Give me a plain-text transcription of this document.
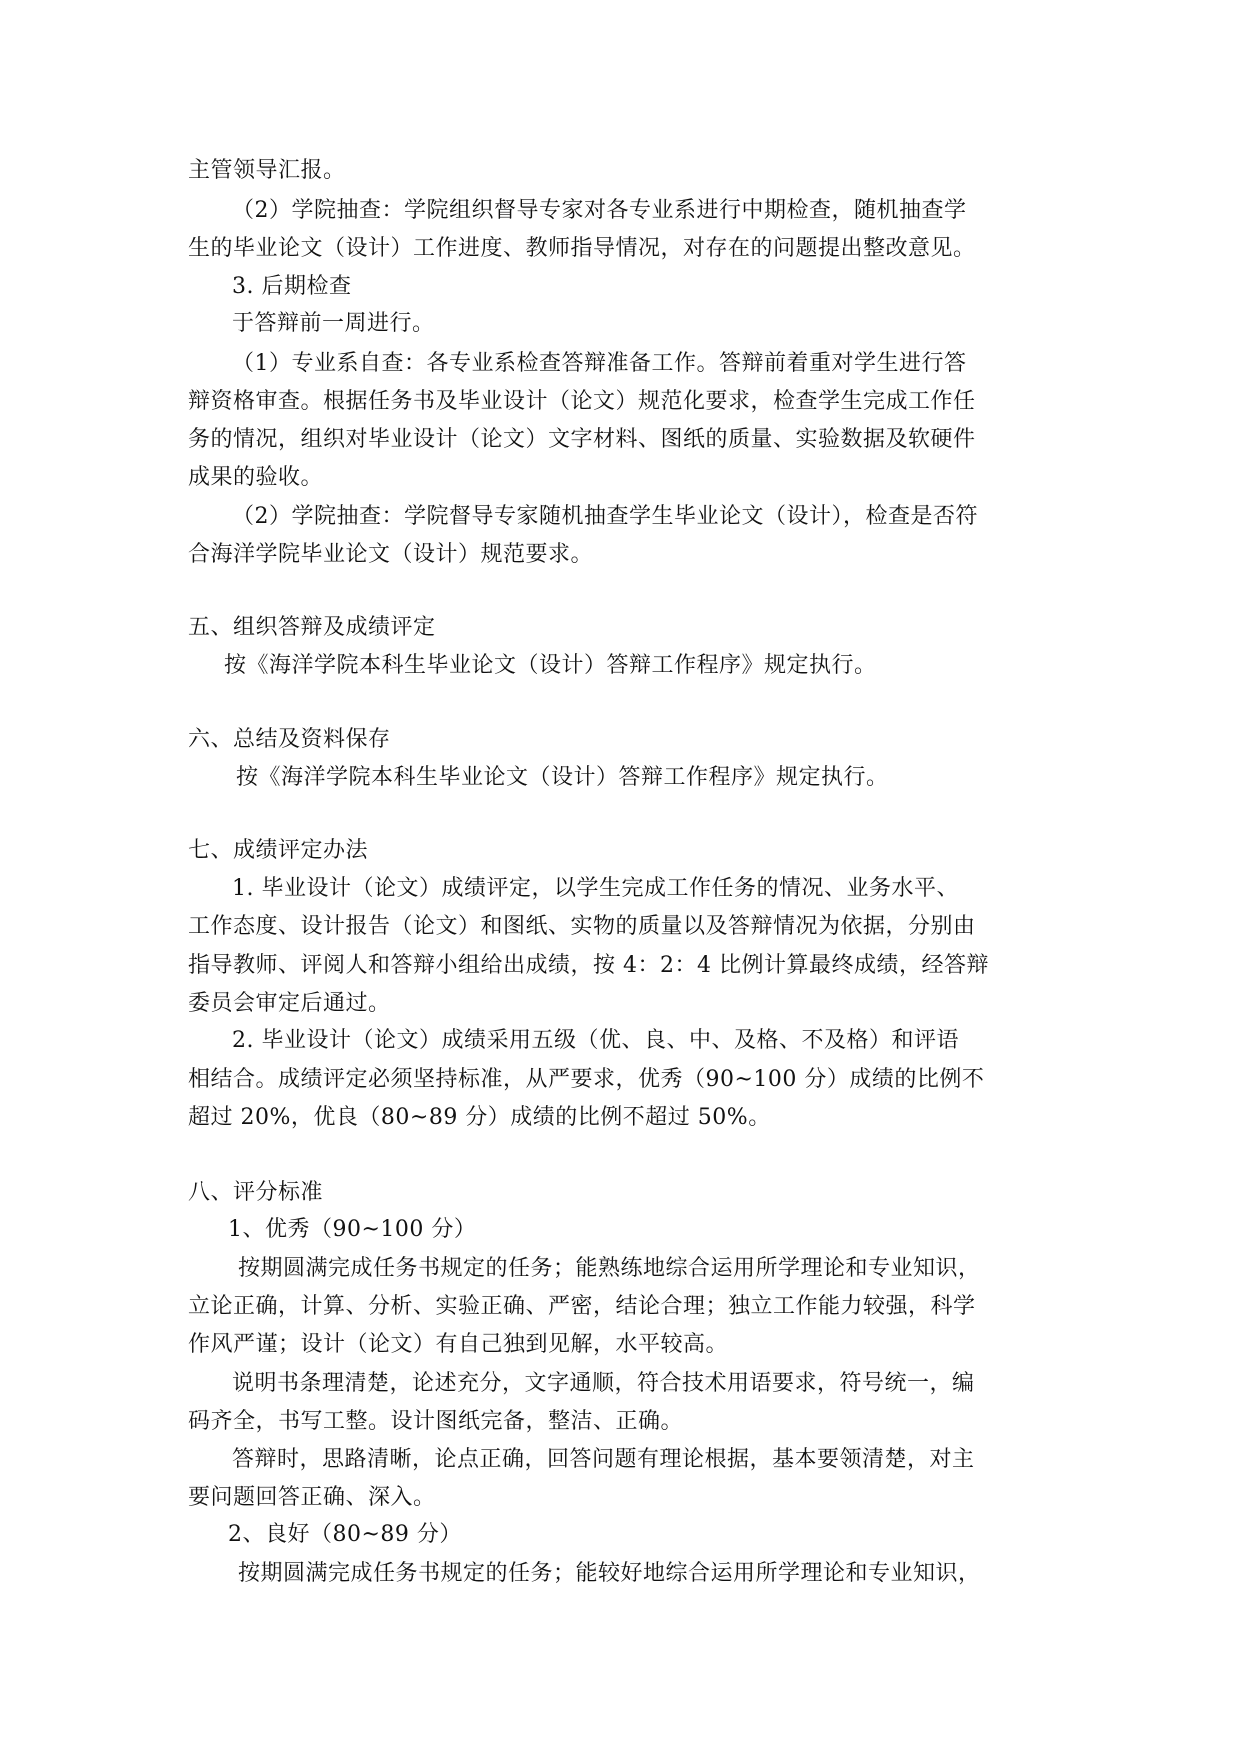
主管领导汇报。
（2）学院抽查：学院组织督导专家对各专业系进行中期检查，随机抽查学
生的毕业论文（设计）工作进度、教师指导情况，对存在的问题提出整改意见。
3. 后期检查
于答辩前一周进行。
（1）专业系自查：各专业系检查答辩准备工作。答辩前着重对学生进行答
辩资格审查。根据任务书及毕业设计（论文）规范化要求，检查学生完成工作任
务的情况，组织对毕业设计（论文）文字材料、图纸的质量、实验数据及软硬件
成果的验收。
（2）学院抽查：学院督导专家随机抽查学生毕业论文（设计），检查是否符
合海洋学院毕业论文（设计）规范要求。
五、组织答辩及成绩评定
按《海洋学院本科生毕业论文（设计）答辩工作程序》规定执行。
六、总结及资料保存
按《海洋学院本科生毕业论文（设计）答辩工作程序》规定执行。
七、成绩评定办法
1. 毕业设计（论文）成绩评定，以学生完成工作任务的情况、业务水平、
工作态度、设计报告（论文）和图纸、实物的质量以及答辩情况为依据，分别由
指导教师、评阅人和答辩小组给出成绩，按 4：2：4 比例计算最终成绩，经答辩
委员会审定后通过。
2. 毕业设计（论文）成绩采用五级（优、良、中、及格、不及格）和评语
相结合。成绩评定必须坚持标准，从严要求，优秀（90~100 分）成绩的比例不
超过 20%，优良（80~89 分）成绩的比例不超过 50%。
八、评分标准
1、优秀（90~100 分）
按期圆满完成任务书规定的任务；能熟练地综合运用所学理论和专业知识，
立论正确，计算、分析、实验正确、严密，结论合理；独立工作能力较强，科学
作风严谨；设计（论文）有自己独到见解，水平较高。
说明书条理清楚，论述充分，文字通顺，符合技术用语要求，符号统一，编
码齐全，书写工整。设计图纸完备，整洁、正确。
答辩时，思路清晰，论点正确，回答问题有理论根据，基本要领清楚，对主
要问题回答正确、深入。
2、良好（80~89 分）
按期圆满完成任务书规定的任务；能较好地综合运用所学理论和专业知识，
